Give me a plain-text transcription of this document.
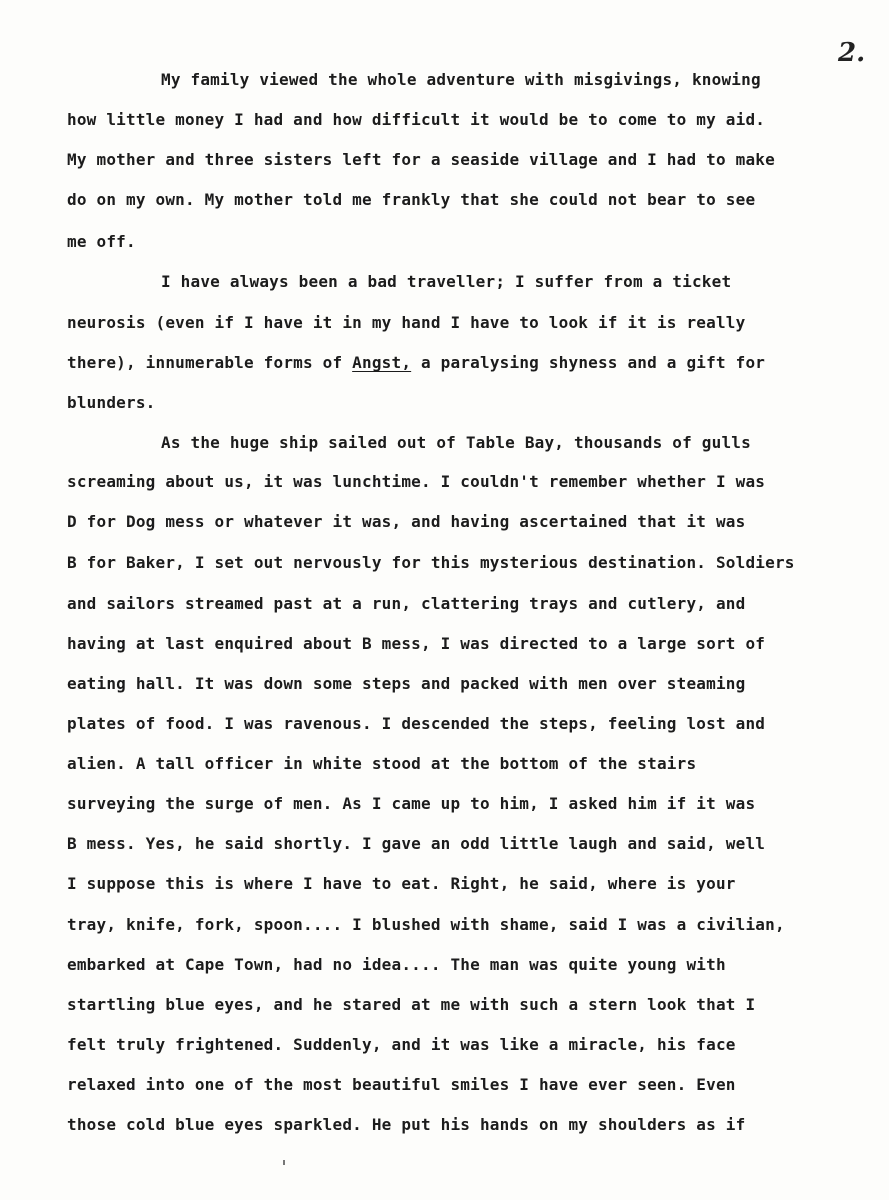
2.
My family viewed the whole adventure with misgivings, knowing
how little money I had and how difficult it would be to come to my aid.
My mother and three sisters left for a seaside village and I had to make
do on my own. My mother told me frankly that she could not bear to see
me off.
I have always been a bad traveller; I suffer from a ticket
neurosis (even if I have it in my hand I have to look if it is really
there), innumerable forms of Angst, a paralysing shyness and a gift for
blunders.
As the huge ship sailed out of Table Bay, thousands of gulls
screaming about us, it was lunchtime. I couldn't remember whether I was
D for Dog mess or whatever it was, and having ascertained that it was
B for Baker, I set out nervously for this mysterious destination. Soldiers
and sailors streamed past at a run, clattering trays and cutlery, and
having at last enquired about B mess, I was directed to a large sort of
eating hall. It was down some steps and packed with men over steaming
plates of food. I was ravenous. I descended the steps, feeling lost and
alien. A tall officer in white stood at the bottom of the stairs
surveying the surge of men. As I came up to him, I asked him if it was
B mess. Yes, he said shortly. I gave an odd little laugh and said, well
I suppose this is where I have to eat. Right, he said, where is your
tray, knife, fork, spoon.... I blushed with shame, said I was a civilian,
embarked at Cape Town, had no idea.... The man was quite young with
startling blue eyes, and he stared at me with such a stern look that I
felt truly frightened. Suddenly, and it was like a miracle, his face
relaxed into one of the most beautiful smiles I have ever seen. Even
those cold blue eyes sparkled. He put his hands on my shoulders as if
